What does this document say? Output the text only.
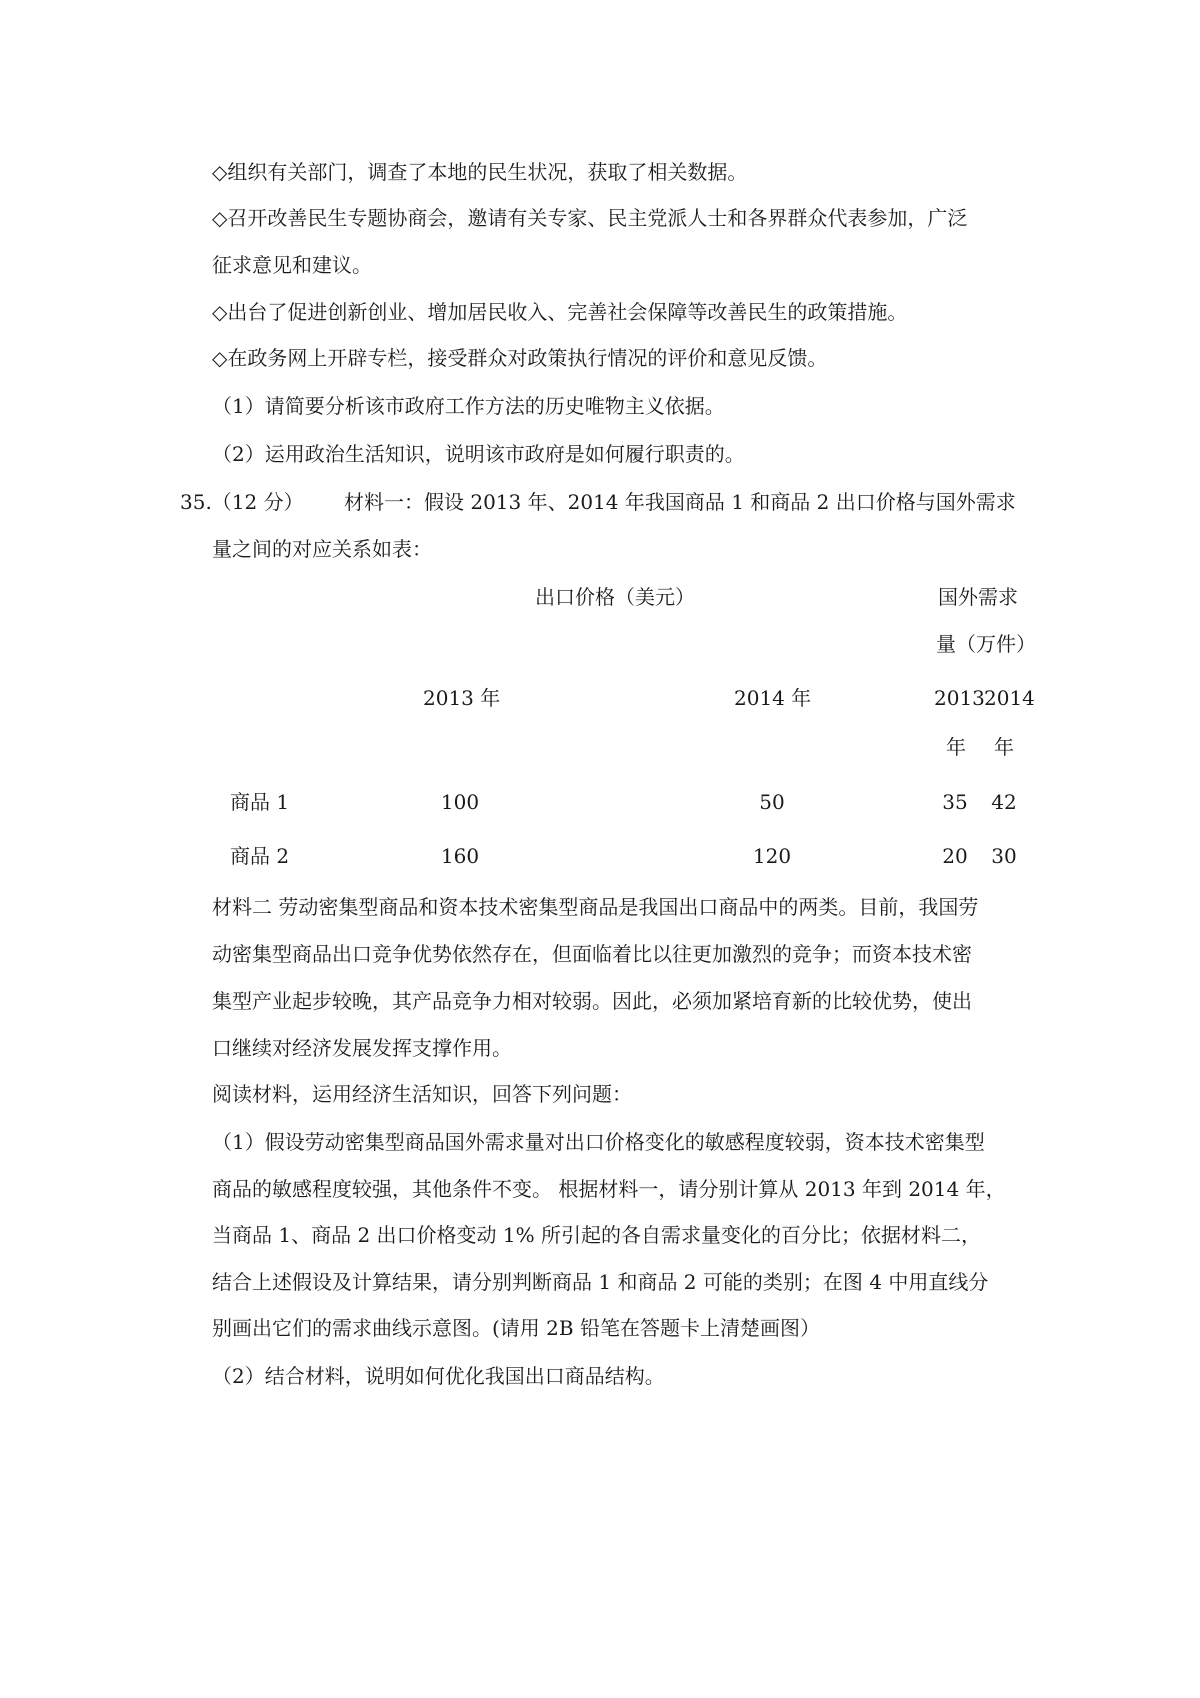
◇组织有关部门，调查了本地的民生状况，获取了相关数据。
◇召开改善民生专题协商会，邀请有关专家、民主党派人士和各界群众代表参加，广泛
征求意见和建议。
◇出台了促进创新创业、增加居民收入、完善社会保障等改善民生的政策措施。
◇在政务网上开辟专栏，接受群众对政策执行情况的评价和意见反馈。
（1）请简要分析该市政府工作方法的历史唯物主义依据。
（2）运用政治生活知识，说明该市政府是如何履行职责的。
35.（12 分） 材料一：假设 2013 年、2014 年我国商品 1 和商品 2 出口价格与国外需求
量之间的对应关系如表：
出口价格（美元）	国外需求
量（万件）
2013 年	2014 年	2013 2014
年 年
商品 1	100	50	35 42
商品 2	160	120	20 30
材料二 劳动密集型商品和资本技术密集型商品是我国出口商品中的两类。目前，我国劳
动密集型商品出口竞争优势依然存在，但面临着比以往更加激烈的竞争；而资本技术密
集型产业起步较晚，其产品竞争力相对较弱。因此，必须加紧培育新的比较优势，使出
口继续对经济发展发挥支撑作用。
阅读材料，运用经济生活知识，回答下列问题：
（1）假设劳动密集型商品国外需求量对出口价格变化的敏感程度较弱，资本技术密集型
商品的敏感程度较强，其他条件不变。 根据材料一，请分别计算从 2013 年到 2014 年，
当商品 1、商品 2 出口价格变动 1% 所引起的各自需求量变化的百分比；依据材料二，
结合上述假设及计算结果，请分别判断商品 1 和商品 2 可能的类别；在图 4 中用直线分
别画出它们的需求曲线示意图。(请用 2B 铅笔在答题卡上清楚画图）
（2）结合材料，说明如何优化我国出口商品结构。
